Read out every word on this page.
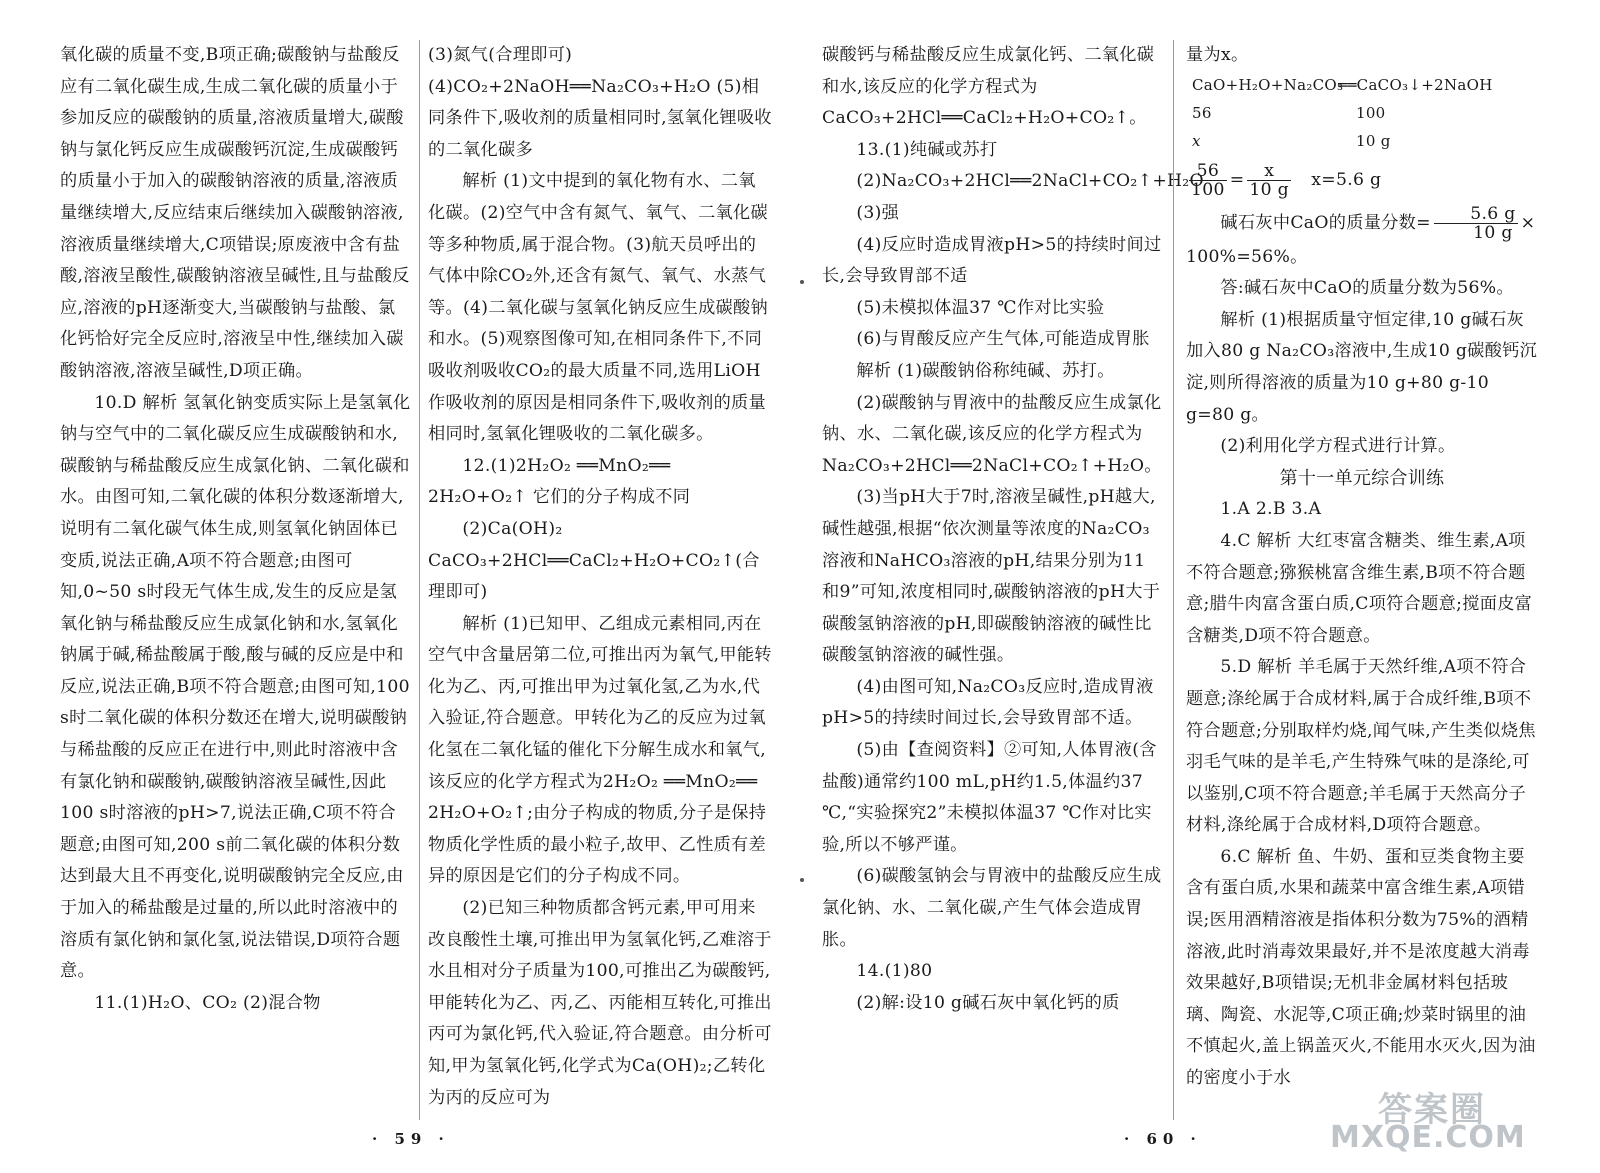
氧化碳的质量不变,B项正确;碳酸钠与盐酸反应有二氧化碳生成,生成二氧化碳的质量小于参加反应的碳酸钠的质量,溶液质量增大,碳酸钠与氯化钙反应生成碳酸钙沉淀,生成碳酸钙的质量小于加入的碳酸钠溶液的质量,溶液质量继续增大,反应结束后继续加入碳酸钠溶液,溶液质量继续增大,C项错误;原废液中含有盐酸,溶液呈酸性,碳酸钠溶液呈碱性,且与盐酸反应,溶液的pH逐渐变大,当碳酸钠与盐酸、氯化钙恰好完全反应时,溶液呈中性,继续加入碳酸钠溶液,溶液呈碱性,D项正确。

10.D 解析 氢氧化钠变质实际上是氢氧化钠与空气中的二氧化碳反应生成碳酸钠和水,碳酸钠与稀盐酸反应生成氯化钠、二氧化碳和水。由图可知,二氧化碳的体积分数逐渐增大,说明有二氧化碳气体生成,则氢氧化钠固体已变质,说法正确,A项不符合题意;由图可知,0~50 s时段无气体生成,发生的反应是氢氧化钠与稀盐酸反应生成氯化钠和水,氢氧化钠属于碱,稀盐酸属于酸,酸与碱的反应是中和反应,说法正确,B项不符合题意;由图可知,100 s时二氧化碳的体积分数还在增大,说明碳酸钠与稀盐酸的反应正在进行中,则此时溶液中含有氯化钠和碳酸钠,碳酸钠溶液呈碱性,因此100 s时溶液的pH>7,说法正确,C项不符合题意;由图可知,200 s前二氧化碳的体积分数达到最大且不再变化,说明碳酸钠完全反应,由于加入的稀盐酸是过量的,所以此时溶液中的溶质有氯化钠和氯化氢,说法错误,D项符合题意。

11.(1)H₂O、CO₂ (2)混合物

(3)氮气(合理即可) (4)CO₂+2NaOH══Na₂CO₃+H₂O (5)相同条件下,吸收剂的质量相同时,氢氧化锂吸收的二氧化碳多

解析 (1)文中提到的氧化物有水、二氧化碳。(2)空气中含有氮气、氧气、二氧化碳等多种物质,属于混合物。(3)航天员呼出的气体中除CO₂外,还含有氮气、氧气、水蒸气等。(4)二氧化碳与氢氧化钠反应生成碳酸钠和水。(5)观察图像可知,在相同条件下,不同吸收剂吸收CO₂的最大质量不同,选用LiOH作吸收剂的原因是相同条件下,吸收剂的质量相同时,氢氧化锂吸收的二氧化碳多。

12.(1)2H₂O₂ ══MnO₂══ 2H₂O+O₂↑ 它们的分子构成不同

(2)Ca(OH)₂ CaCO₃+2HCl══CaCl₂+H₂O+CO₂↑(合理即可)

解析 (1)已知甲、乙组成元素相同,丙在空气中含量居第二位,可推出丙为氧气,甲能转化为乙、丙,可推出甲为过氧化氢,乙为水,代入验证,符合题意。甲转化为乙的反应为过氧化氢在二氧化锰的催化下分解生成水和氧气,该反应的化学方程式为2H₂O₂ ══MnO₂══ 2H₂O+O₂↑;由分子构成的物质,分子是保持物质化学性质的最小粒子,故甲、乙性质有差异的原因是它们的分子构成不同。

(2)已知三种物质都含钙元素,甲可用来改良酸性土壤,可推出甲为氢氧化钙,乙难溶于水且相对分子质量为100,可推出乙为碳酸钙,甲能转化为乙、丙,乙、丙能相互转化,可推出丙可为氯化钙,代入验证,符合题意。由分析可知,甲为氢氧化钙,化学式为Ca(OH)₂;乙转化为丙的反应可为

· 59 ·

碳酸钙与稀盐酸反应生成氯化钙、二氧化碳和水,该反应的化学方程式为CaCO₃+2HCl══CaCl₂+H₂O+CO₂↑。

13.(1)纯碱或苏打

(2)Na₂CO₃+2HCl══2NaCl+CO₂↑+H₂O

(3)强

(4)反应时造成胃液pH>5的持续时间过长,会导致胃部不适

(5)未模拟体温37 ℃作对比实验

(6)与胃酸反应产生气体,可能造成胃胀

解析 (1)碳酸钠俗称纯碱、苏打。

(2)碳酸钠与胃液中的盐酸反应生成氯化钠、水、二氧化碳,该反应的化学方程式为 Na₂CO₃+2HCl══2NaCl+CO₂↑+H₂O。

(3)当pH大于7时,溶液呈碱性,pH越大,碱性越强,根据“依次测量等浓度的Na₂CO₃溶液和NaHCO₃溶液的pH,结果分别为11和9”可知,浓度相同时,碳酸钠溶液的pH大于碳酸氢钠溶液的pH,即碳酸钠溶液的碱性比碳酸氢钠溶液的碱性强。

(4)由图可知,Na₂CO₃反应时,造成胃液pH>5的持续时间过长,会导致胃部不适。

(5)由【查阅资料】②可知,人体胃液(含盐酸)通常约100 mL,pH约1.5,体温约37 ℃,“实验探究2”未模拟体温37 ℃作对比实验,所以不够严谨。

(6)碳酸氢钠会与胃液中的盐酸反应生成氯化钠、水、二氧化碳,产生气体会造成胃胀。

14.(1)80

(2)解:设10 g碱石灰中氧化钙的质

量为x。

CaO+H₂O+Na₂CO₃
══CaCO₃↓+2NaOH
56	100
x	10 g

$\frac{56}{100} = \frac{x}{10 g} x=5.6$ g

碱石灰中CaO的质量分数= $\frac{5.6 g}{10 g}$ ×

100%=56%。

答:碱石灰中CaO的质量分数为56%。

解析 (1)根据质量守恒定律,10 g碱石灰加入80 g Na₂CO₃溶液中,生成10 g碳酸钙沉淀,则所得溶液的质量为10 g+80 g-10 g=80 g。

(2)利用化学方程式进行计算。

第十一单元综合训练

1.A 2.B 3.A

4.C 解析 大红枣富含糖类、维生素,A项不符合题意;猕猴桃富含维生素,B项不符合题意;腊牛肉富含蛋白质,C项符合题意;搅面皮富含糖类,D项不符合题意。

5.D 解析 羊毛属于天然纤维,A项不符合题意;涤纶属于合成材料,属于合成纤维,B项不符合题意;分别取样灼烧,闻气味,产生类似烧焦羽毛气味的是羊毛,产生特殊气味的是涤纶,可以鉴别,C项不符合题意;羊毛属于天然高分子材料,涤纶属于合成材料,D项符合题意。

6.C 解析 鱼、牛奶、蛋和豆类食物主要含有蛋白质,水果和蔬菜中富含维生素,A项错误;医用酒精溶液是指体积分数为75%的酒精溶液,此时消毒效果最好,并不是浓度越大消毒效果越好,B项错误;无机非金属材料包括玻璃、陶瓷、水泥等,C项正确;炒菜时锅里的油不慎起火,盖上锅盖灭火,不能用水灭火,因为油的密度小于水

· 60 ·
答案圈
MXQE.COM
